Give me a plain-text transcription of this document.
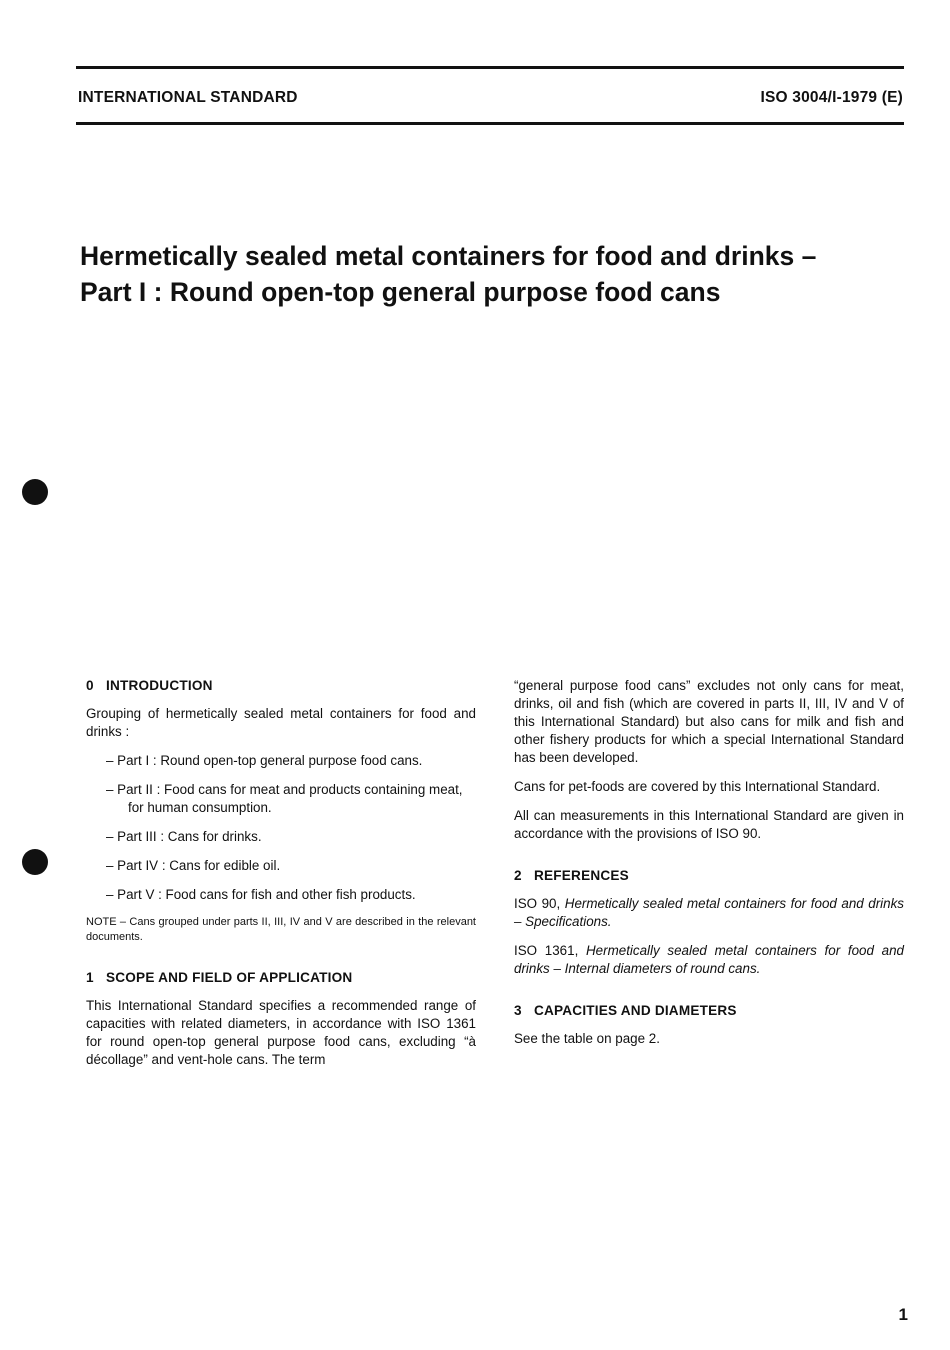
INTERNATIONAL STANDARD	ISO 3004/I-1979 (E)
Hermetically sealed metal containers for food and drinks –
Part I : Round open-top general purpose food cans
0 INTRODUCTION

Grouping of hermetically sealed metal containers for food and drinks :

– Part I : Round open-top general purpose food cans.
– Part II : Food cans for meat and products containing meat, for human consumption.
– Part III : Cans for drinks.
– Part IV : Cans for edible oil.
– Part V : Food cans for fish and other fish products.

NOTE – Cans grouped under parts II, III, IV and V are described in the relevant documents.

1 SCOPE AND FIELD OF APPLICATION

This International Standard specifies a recommended range of capacities with related diameters, in accordance with ISO 1361 for round open-top general purpose food cans, excluding “à décollage” and vent-hole cans. The term

“general purpose food cans” excludes not only cans for meat, drinks, oil and fish (which are covered in parts II, III, IV and V of this International Standard) but also cans for milk and fish and other fishery products for which a special International Standard has been developed.

Cans for pet-foods are covered by this International Standard.

All can measurements in this International Standard are given in accordance with the provisions of ISO 90.

2 REFERENCES

ISO 90, Hermetically sealed metal containers for food and drinks – Specifications.

ISO 1361, Hermetically sealed metal containers for food and drinks – Internal diameters of round cans.

3 CAPACITIES AND DIAMETERS

See the table on page 2.

1
